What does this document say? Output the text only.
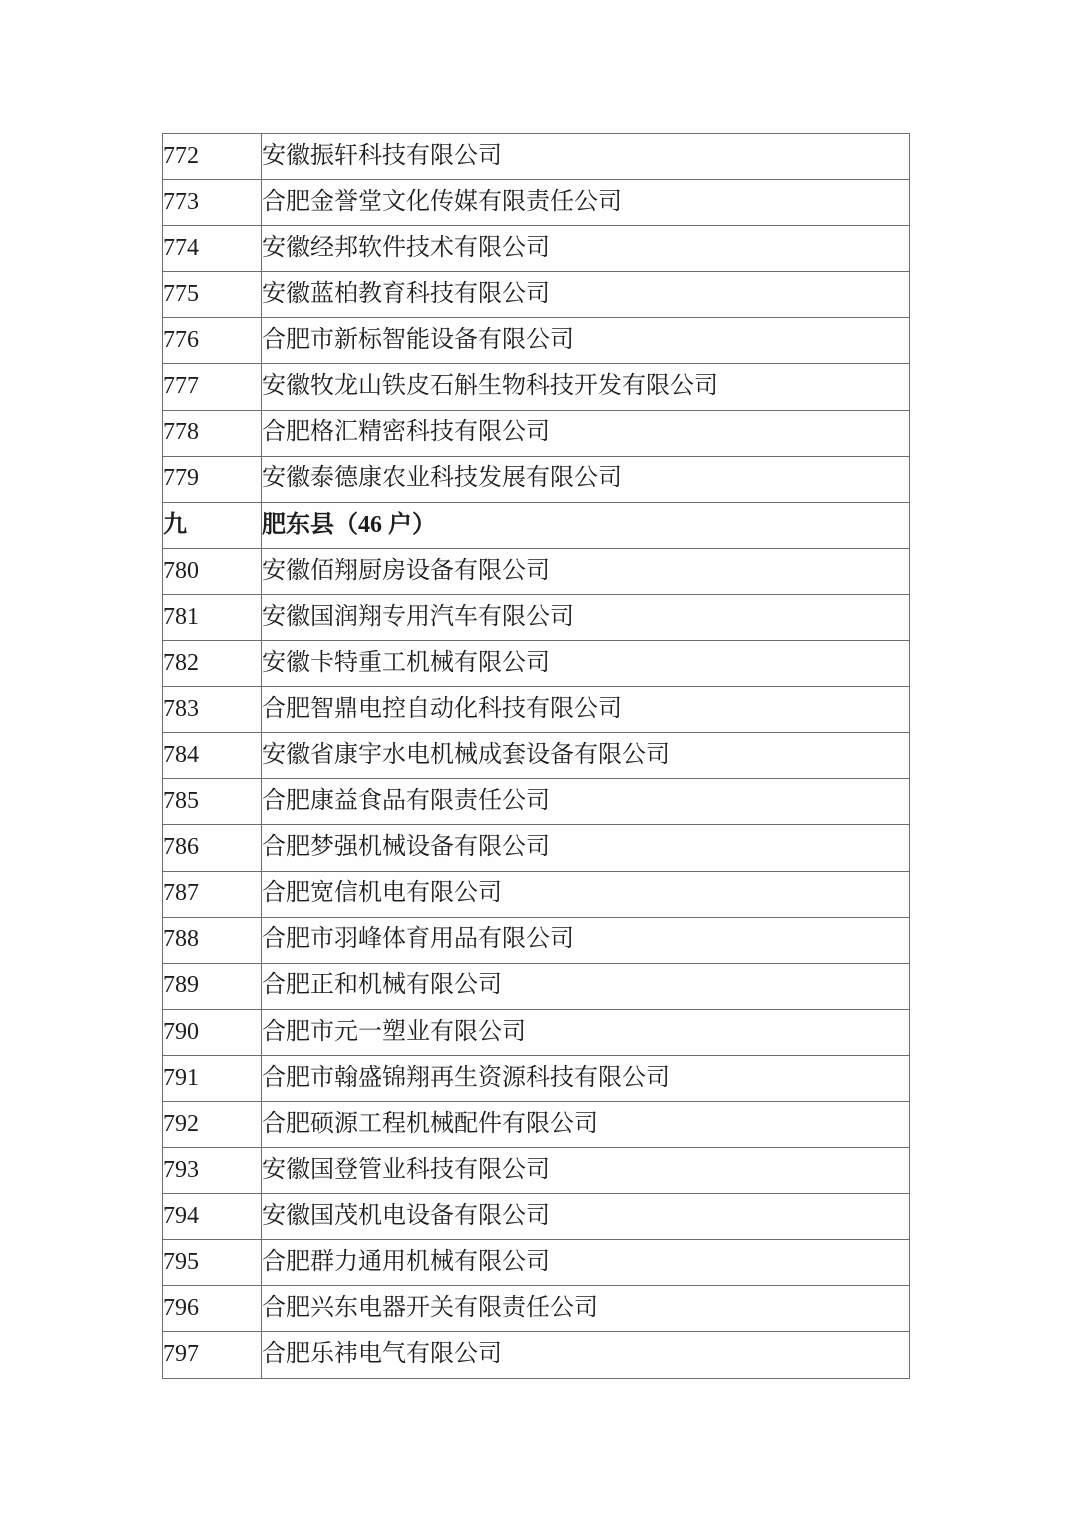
772	安徽振轩科技有限公司
773	合肥金誉堂文化传媒有限责任公司
774	安徽经邦软件技术有限公司
775	安徽蓝柏教育科技有限公司
776	合肥市新标智能设备有限公司
777	安徽牧龙山铁皮石斛生物科技开发有限公司
778	合肥格汇精密科技有限公司
779	安徽泰德康农业科技发展有限公司
九	肥东县（46 户）
780	安徽佰翔厨房设备有限公司
781	安徽国润翔专用汽车有限公司
782	安徽卡特重工机械有限公司
783	合肥智鼎电控自动化科技有限公司
784	安徽省康宇水电机械成套设备有限公司
785	合肥康益食品有限责任公司
786	合肥梦强机械设备有限公司
787	合肥宽信机电有限公司
788	合肥市羽峰体育用品有限公司
789	合肥正和机械有限公司
790	合肥市元一塑业有限公司
791	合肥市翰盛锦翔再生资源科技有限公司
792	合肥硕源工程机械配件有限公司
793	安徽国登管业科技有限公司
794	安徽国茂机电设备有限公司
795	合肥群力通用机械有限公司
796	合肥兴东电器开关有限责任公司
797	合肥乐祎电气有限公司
